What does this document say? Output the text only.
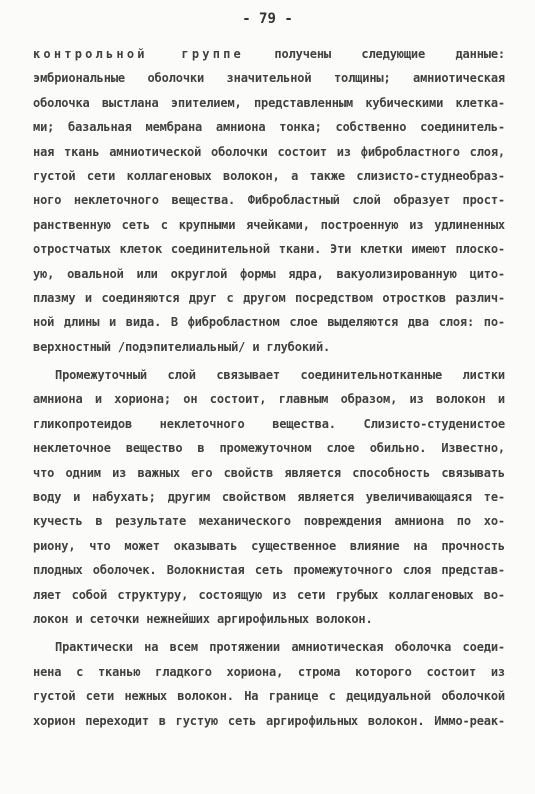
- 79 -
контрольной группе получены следующие данные:
эмбриональные оболочки значительной толщины; амниотическая
оболочка выстлана эпителием, представленным кубическими клетка-
ми; базальная мембрана амниона тонка; собственно соединитель-
ная ткань амниотической оболочки состоит из фибробластного слоя,
густой сети коллагеновых волокон, а также слизисто-студнеобраз-
ного неклеточного вещества. Фибробластный слой образует прост-
ранственную сеть с крупными ячейками, построенную из удлиненных
отростчатых клеток соединительной ткани. Эти клетки имеют плоско-
ую, овальной или округлой формы ядра, вакуолизированную цито-
плазму и соединяются друг с другом посредством отростков различ-
ной длины и вида. В фибробластном слое выделяются два слоя: по-
верхностный /подэпителиальный/ и глубокий.
Промежуточный слой связывает соединительнотканные листки
амниона и хориона; он состоит, главным образом, из волокон и
гликопротеидов неклеточного вещества. Слизисто-студенистое
неклеточное вещество в промежуточном слое обильно. Известно,
что одним из важных его свойств является способность связывать
воду и набухать; другим свойством является увеличивающаяся те-
кучесть в результате механического повреждения амниона по хо-
риону, что может оказывать существенное влияние на прочность
плодных оболочек. Волокнистая сеть промежуточного слоя представ-
ляет собой структуру, состоящую из сети грубых коллагеновых во-
локон и сеточки нежнейших аргирофильных волокон.
Практически на всем протяжении амниотическая оболочка соеди-
нена с тканью гладкого хориона, строма которого состоит из
густой сети нежных волокон. На границе с децидуальной оболочкой
хорион переходит в густую сеть аргирофильных волокон. Иммо-реак-
